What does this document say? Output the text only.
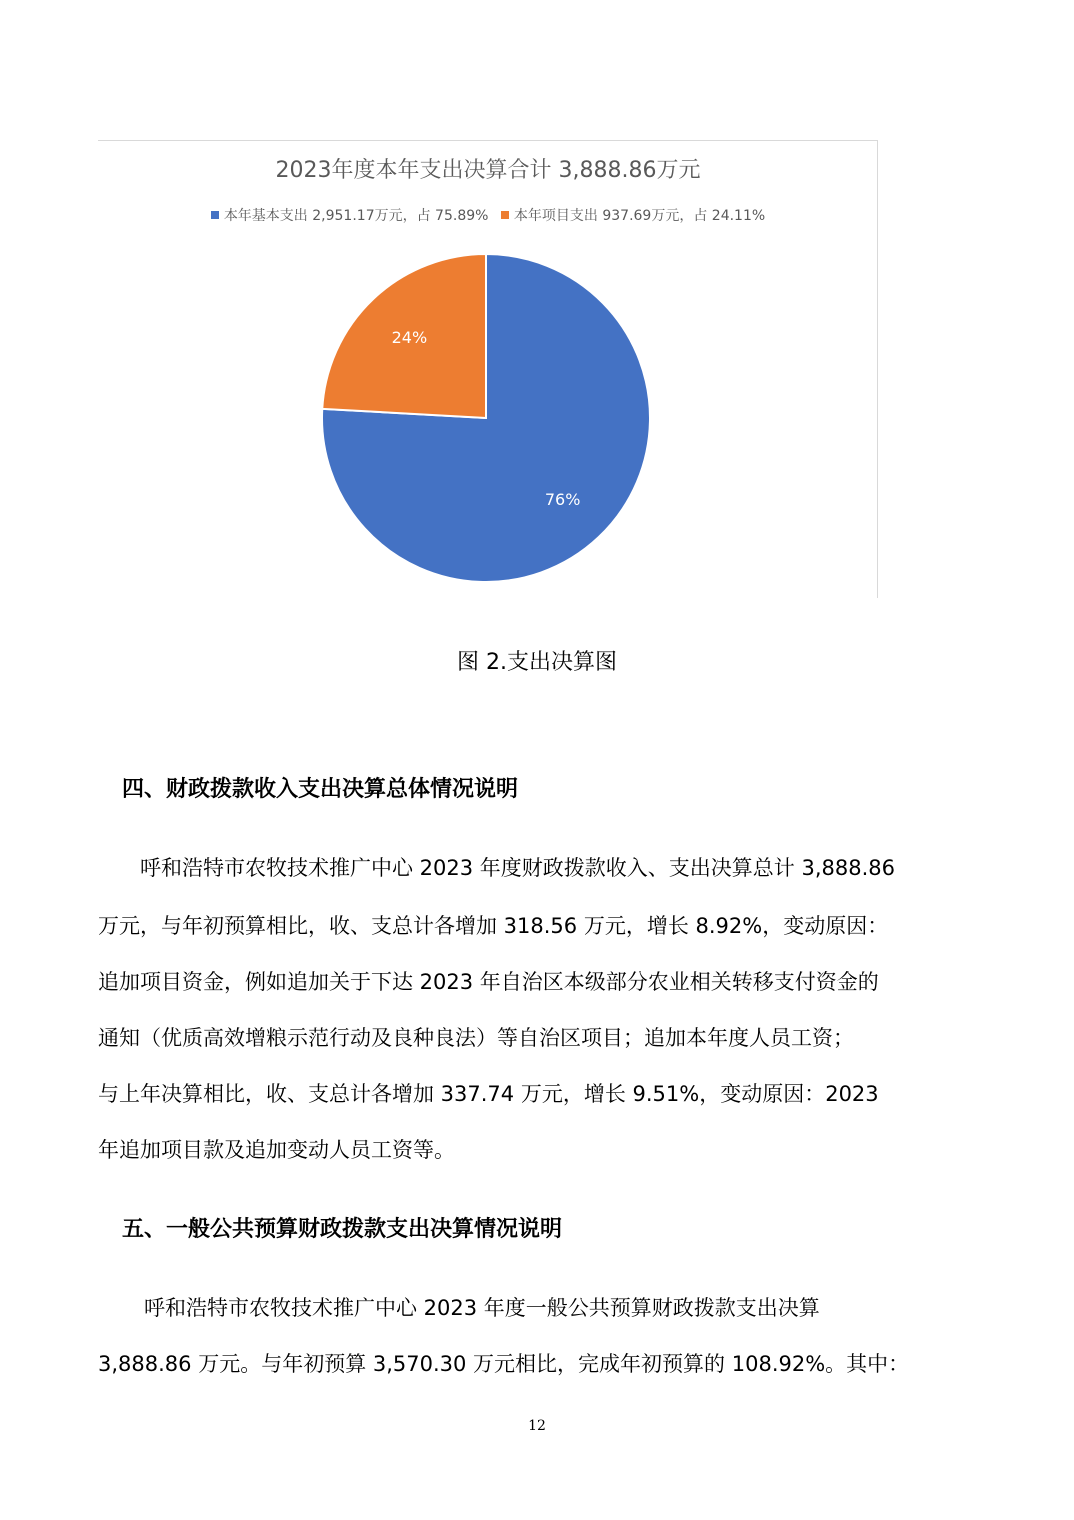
76%
24%
2023年度本年支出决算合计 3,888.86万元
本年基本支出 2,951.17万元，占 75.89% 本年项目支出 937.69万元，占 24.11%
图 2.支出决算图
四、财政拨款收入支出决算总体情况说明
呼和浩特市农牧技术推广中心 2023 年度财政拨款收入、支出决算总计 3,888.86
万元，与年初预算相比，收、支总计各增加 318.56 万元，增长 8.92%，变动原因：
追加项目资金，例如追加关于下达 2023 年自治区本级部分农业相关转移支付资金的
通知（优质高效增粮示范行动及良种良法）等自治区项目；追加本年度人员工资；
与上年决算相比，收、支总计各增加 337.74 万元，增长 9.51%，变动原因：2023
年追加项目款及追加变动人员工资等。
五、一般公共预算财政拨款支出决算情况说明
呼和浩特市农牧技术推广中心 2023 年度一般公共预算财政拨款支出决算
3,888.86 万元。与年初预算 3,570.30 万元相比，完成年初预算的 108.92%。其中：
12
